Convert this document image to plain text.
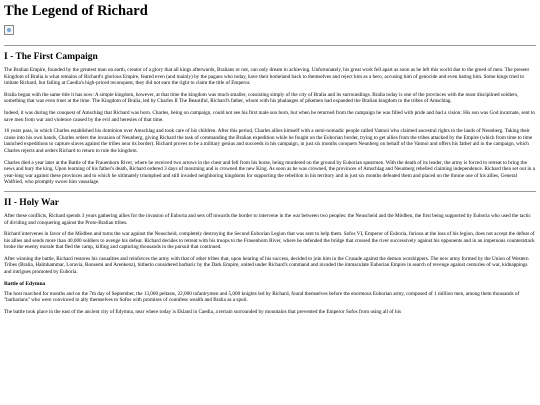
The Legend of Richard
I - The First Campaign

The Bralian Empire, founded by the greatest man on earth, creator of a glory that all kings afterwards, Bralians or not, can only dream in achieving. Unfortunately, his great work fell apart as soon as he left this world due to the greed of men. The present Kingdom of Bralia is what remains of Richard's glorious Empire, feared even (and mainly) by the pagans who today, have their homeland back to themselves and reject him as a hero, accusing him of genocide and even hating him. Some kings tried to imitate Richard, but failing at Caedia's high-priced reconquest, they did not earn the right to claim the title of Emperor.

Bralia began with the same title it has now: A simple kingdom, however, at that time the kingdom was much smaller, consisting simply of the city of Bralia and its surroundings. Bralia today is one of the provinces with the most disciplined soldiers, something that was even truer at the time. The Kingdom of Bralia, led by Charles II The Beautiful, Richard's father, whom with his phalanges of pikemen had expanded the Bralian kingdom to the tribes of Amschlag.

Indeed, it was during the conquest of Amschlag that Richard was born. Charles, being on campaign, could not see his first male son born, but when he returned from the campaign he was filled with pride and had a vision: His son was God incarnate, sent to save men from war and violence caused by the evil and heresies of that time.

16 years pass, in which Charles established his dominion over Amschlag and took care of his children. After this period, Charles allies himself with a semi-nomadic people called Vannoi who claimed ancestral rights to the lands of Neunberg. Taking their cause into his own hands, Charles orders the invasion of Neunberg, giving Richard the task of commanding the Bralian expedition while he fought on the Euborian border, trying to get allies from the tribes attacked by the Empire (which from time to time launched expeditions to capture slaves against the tribes near its border). Richard proves to be a military genius and succeeds in his campaign, in just six months conquers Neunberg on behalf of the Vannoi and offers his father aid in the campaign, which Charles rejects and orders Richard to return to rule the kingdom.

Charles died a year later at the Battle of the Frauenborn River, where he received two arrows in the chest and fell from his horse, being murdered on the ground by Euborian spearmen. With the death of its leader, the army is forced to retreat to bring the news and bury the king. Upon learning of his father's death, Richard ordered 3 days of mourning and is crowned the new King. As soon as he was crowned, the provinces of Amschlag and Neunberg rebelled claiming independence. Richard then set out in a year-long war against these provinces and to which he ultimately triumphed and still invaded neighboring kingdoms for supporting the rebellion in his territory and in just six months defeated them and placed on the throne one of his allies, General Walfried, who promptly swore him vassalage.

II - Holy War

After these conflicts, Richard spends 3 years gathering allies for the invasion of Euboria and sets off towards the border to intervene in the war between two peoples: the Neuscheid and the Mödben, the first being supported by Euboria who used the tactic of dividing and conquering against the Proto-Bralian tribes.

Richard intervenes in favor of the Mödben and turns the war against the Neuscheid, completely destroying the Second Euborian Legion that was sent to help them. Sofos VI, Emperor of Euboria, furious at the loss of his legion, does not accept the defeat of his allies and sends more than 40,000 soldiers to avenge his defeat. Richard decides to retreat with his troops to the Frauenborn River, where he defended the bridge that crossed the river successively against his opponents and in an impetuous counterattack broke the enemy morale that fled the camp, killing and capturing thousands in the pursuit that continued.

After winning the battle, Richard restores his casualties and reinforces the army with that of other tribes that, upon hearing of his success, decided to join him in the Crusade against the demon worshippers. The new army formed by the Union of Western Tribes (Bralia, Halmhammar, Loravia, Ronsemi and Arenkenz), hitherto considered barbaric by the Dark Empire, united under Richard's command and invaded the immaculate Euborian Empire in search of revenge against centuries of war, kidnappings and intrigues promoted by Euboria.

Battle of Edymna

The host marched for months and on the 7th day of September, the 13,000 peltasts, 22,000 infantrymen and 5,000 knights led by Richard, found themselves before the enormous Euborian army, composed of 1 million men, among them thousands of "barbarians" who were convinced to ally themselves to Sofos with promises of countless wealth and Bralia as a spoil.

The battle took place in the east of the ancient city of Edymna, near where today is Ekland in Caedia, a terrain surrounded by mountains that prevented the Emperor Sofos from using all of his
